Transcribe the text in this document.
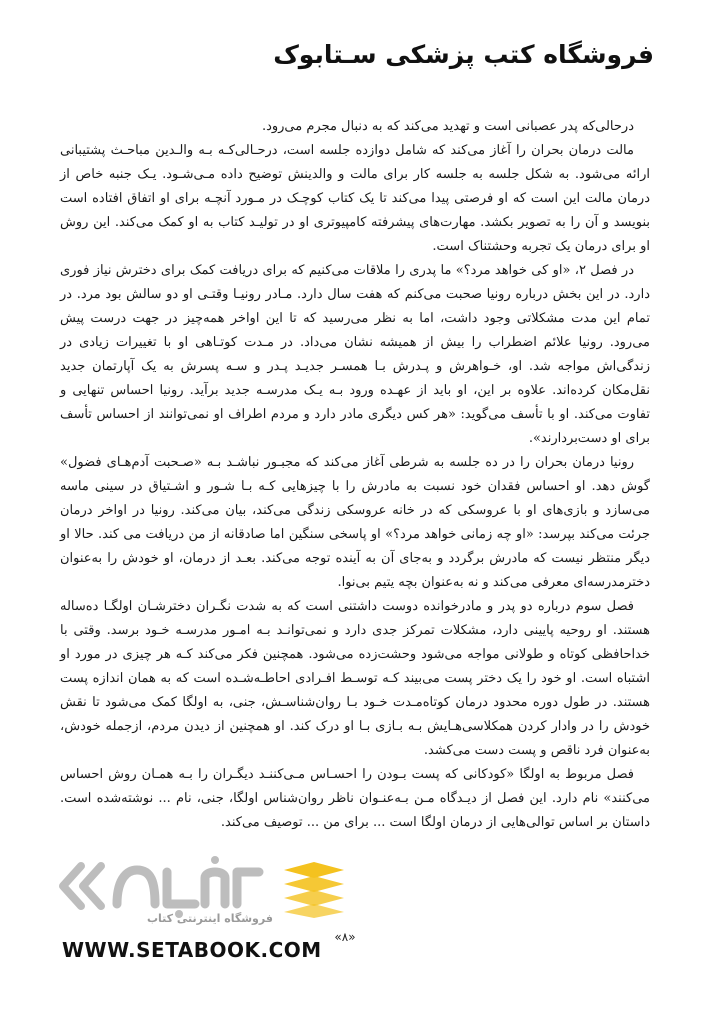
فروشگاه کتب پزشکی سـتابوک

درحالی‌که پدر عصبانی است و تهدید می‌کند که به دنبال مجرم می‌رود.

مالت درمان بحران را آغاز می‌کند که شامل دوازده جلسه است، درحـالی‌کـه بـه والـدین مباحـث پشتیبانی ارائه می‌شود. به شکل جلسه به جلسه کار برای مالت و والدینش توضیح داده مـی‌شـود. یـک جنبه خاص از درمان مالت این است که او فرصتی پیدا می‌کند تا یک کتاب کوچـک در مـورد آنچـه برای او اتفاق افتاده است بنویسد و آن را به تصویر بکشد. مهارت‌های پیشرفته کامپیوتری او در تولیـد کتاب به او کمک می‌کند. این روش او برای درمان یک تجربه وحشتناک است.

در فصل ۲، «او کی خواهد مرد؟» ما پدری را ملاقات می‌کنیم که برای دریافت کمک برای دخترش نیاز فوری دارد. در این بخش درباره رونیا صحبت می‌کنم که هفت سال دارد. مـادر رونیـا وقتـی او دو سالش بود مرد. در تمام این مدت مشکلاتی وجود داشت، اما به نظر می‌رسید که تا این اواخر همه‌چیز در جهت درست پیش می‌رود. رونیا علائم اضطراب را بیش از همیشه نشان می‌داد. در مـدت کوتـاهی او با تغییرات زیادی در زندگی‌اش مواجه شد. او، خـواهرش و پـدرش بـا همسـر جدیـد پـدر و سـه پسرش به یک آپارتمان جدید نقل‌مکان کرده‌اند. علاوه بر این، او باید از عهـده ورود بـه یـک مدرسـه جدید برآید. رونیا احساس تنهایی و تفاوت می‌کند. او با تأسف می‌گوید: «هر کس دیگری مادر دارد و مردم اطراف او نمی‌توانند از احساس تأسف برای او دست‌بردارند».

رونیا درمان بحران را در ده جلسه به شرطی آغاز می‌کند که مجبـور نباشـد بـه «صـحبت آدم‌هـای فضول» گوش دهد. او احساس فقدان خود نسبت به مادرش را با چیزهایی کـه بـا شـور و اشـتیاق در سینی ماسه می‌سازد و بازی‌های او با عروسکی که در خانه عروسکی زندگی می‌کند، بیان می‌کند. رونیا در اواخر درمان جرئت می‌کند بپرسد: «او چه زمانی خواهد مرد؟» او پاسخی سنگین اما صادقانه از من دریافت می کند. حالا او دیگر منتظر نیست که مادرش برگردد و به‌جای آن به آینده توجه می‌کند. بعـد از درمان، او خودش را به‌عنوان دخترمدرسه‌ای معرفی می‌کند و نه به‌عنوان بچه یتیم بی‌نوا.

فصل سوم درباره دو پدر و مادرخوانده دوست داشتنی است که به شدت نگـران دخترشـان اولگـا ده‌ساله هستند. او روحیه پایینی دارد، مشکلات تمرکز جدی دارد و نمی‌توانـد بـه امـور مدرسـه خـود برسد. وقتی با خداحافظی کوتاه و طولانی مواجه می‌شود وحشت‌زده می‌شود. همچنین فکر می‌کند کـه هر چیزی در مورد او اشتباه است. او خود را یک دختر پست می‌بیند کـه توسـط افـرادی احاطـه‌شـده است که به همان اندازه پست هستند. در طول دوره محدود درمان کوتاه‌مـدت خـود بـا روان‌شناسـش، جنی، به اولگا کمک می‌شود تا نقش خودش را در وادار کردن همکلاسی‌هـایش بـه بـازی بـا او درک کند. او همچنین از دیدن مردم، ازجمله خودش، به‌عنوان فرد ناقص و پست دست می‌کشد.

فصل مربوط به اولگا «کودکانی که پست بـودن را احسـاس مـی‌کننـد دیگـران را بـه همـان روش احساس می‌کنند» نام دارد. این فصل از دیـدگاه مـن بـه‌عنـوان ناظر روان‌شناس اولگا، جنی، نام ... نوشته‌شده است. داستان بر اساس توالی‌هایی از درمان اولگا است ... برای من ... توصیف می‌کند.

فروشگاه اینترنتی کتاب
«۸»
WWW.SETABOOK.COM
